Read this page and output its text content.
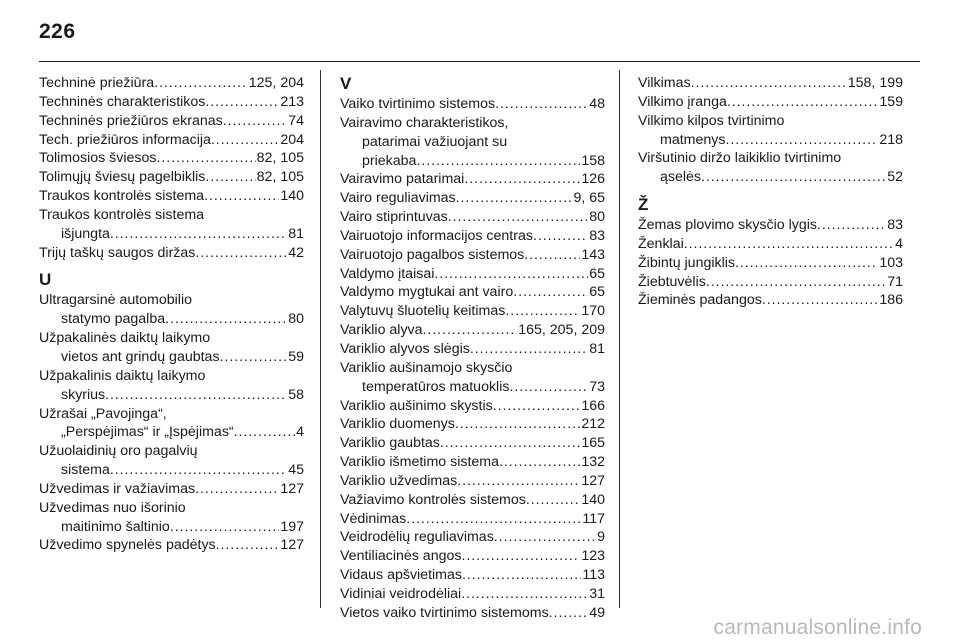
226
Techninė priežiūra . . .	125, 204
Techninės charakteristikos . . .	213
Techninės priežiūros ekranas . . .	74
Tech. priežiūros informacija . . .	204
Tolimosios šviesos . . .	82, 105
Tolimųjų šviesų pagelbiklis . . .	82, 105
Traukos kontrolės sistema . . .	140
Traukos kontrolės sistema
išjungta . . .	81
Trijų taškų saugos diržas . . .	42
U
Ultragarsinė automobilio
statymo pagalba . . .	80
Užpakalinės daiktų laikymo
vietos ant grindų gaubtas . . .	59
Užpakalinis daiktų laikymo
skyrius . . .	58
Užrašai „Pavojinga“,
„Perspėjimas“ ir „Įspėjimas“ . . .	4
Užuolaidinių oro pagalvių
sistema . . .	45
Užvedimas ir važiavimas . . .	127
Užvedimas nuo išorinio
maitinimo šaltinio . . .	197
Užvedimo spynelės padėtys . . .	127
V
Vaiko tvirtinimo sistemos . . .	48
Vairavimo charakteristikos,
patarimai važiuojant su
priekaba . . .	158
Vairavimo patarimai . . .	126
Vairo reguliavimas . . .	9, 65
Vairo stiprintuvas . . .	80
Vairuotojo informacijos centras . . .	83
Vairuotojo pagalbos sistemos . . .	143
Valdymo įtaisai . . .	65
Valdymo mygtukai ant vairo . . .	65
Valytuvų šluotelių keitimas . . .	170
Variklio alyva . . .	165, 205, 209
Variklio alyvos slėgis . . .	81
Variklio aušinamojo skysčio
temperatūros matuoklis . . .	73
Variklio aušinimo skystis . . .	166
Variklio duomenys . . .	212
Variklio gaubtas . . .	165
Variklio išmetimo sistema . . .	132
Variklio užvedimas . . .	127
Važiavimo kontrolės sistemos . . .	140
Vėdinimas . . .	117
Veidrodėlių reguliavimas . . .	9
Ventiliacinės angos . . .	123
Vidaus apšvietimas . . .	113
Vidiniai veidrodėliai . . .	31
Vietos vaiko tvirtinimo sistemoms . . .	49
Vilkimas . . .	158, 199
Vilkimo įranga . . .	159
Vilkimo kilpos tvirtinimo
matmenys . . .	218
Viršutinio diržo laikiklio tvirtinimo
ąselės . . .	52
Ž
Žemas plovimo skysčio lygis . . .	83
Ženklai . . .	4
Žibintų jungiklis . . .	103
Žiebtuvėlis . . .	71
Žieminės padangos . . .	186
carmanualsonline.info
